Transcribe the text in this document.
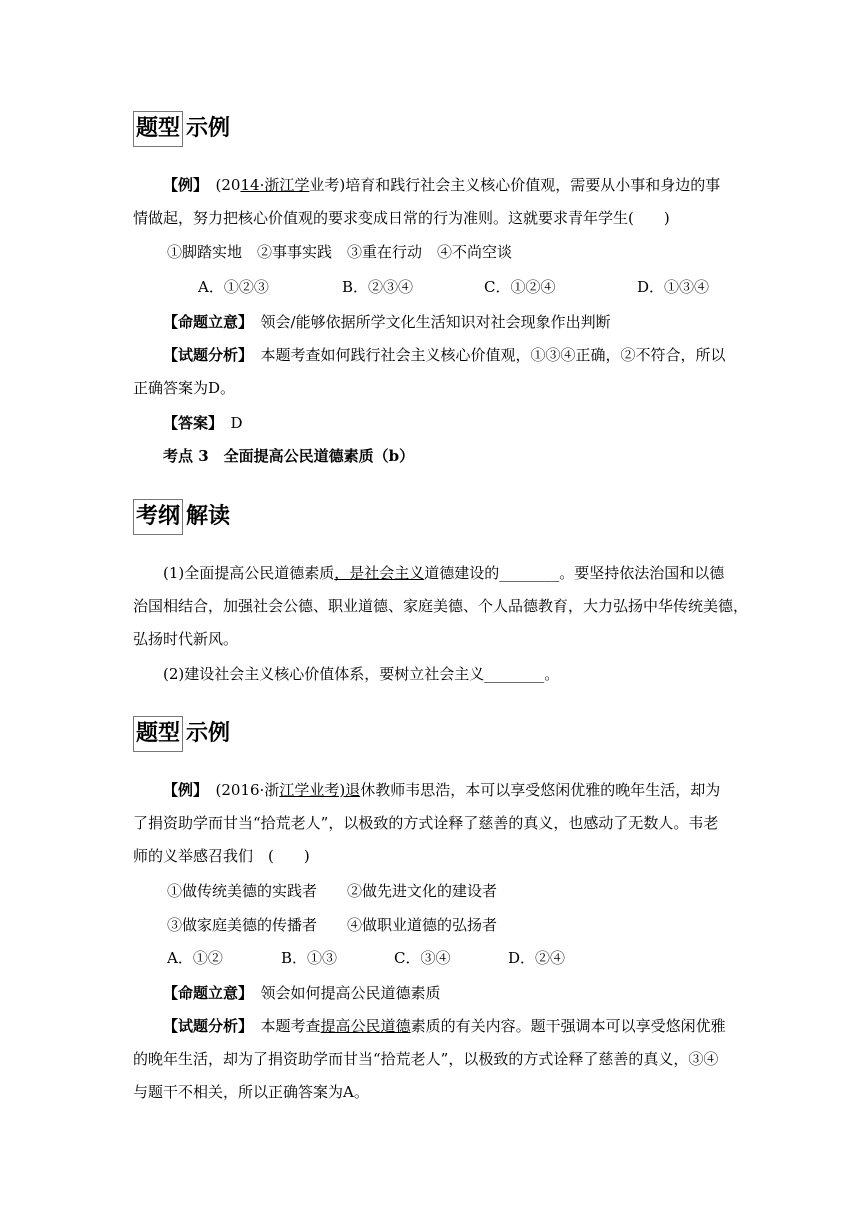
题型 示例
【例】　 (2014·浙江学业考)培育和践行社会主义核心价值观，需要从小事和身边的事
情做起，努力把核心价值观的要求变成日常的行为准则。这就要求青年学生(　　)
①脚踏实地　②事事实践　③重在行动　④不尚空谈
A．①②③	B．②③④	C．①②④	D．①③④
【命题立意】　 领会/能够依据所学文化生活知识对社会现象作出判断
【试题分析】　 本题考查如何践行社会主义核心价值观，①③④正确，②不符合，所以
正确答案为D。
【答案】　 D
考点 3　全面提高公民道德素质（b）
考纲 解读
(1)全面提高公民道德素质，是社会主义道德建设的________。要坚持依法治国和以德
治国相结合，加强社会公德、职业道德、家庭美德、个人品德教育，大力弘扬中华传统美德，
弘扬时代新风。
(2)建设社会主义核心价值体系，要树立社会主义________。
题型 示例
【例】　 (2016·浙江学业考)退休教师韦思浩，本可以享受悠闲优雅的晚年生活，却为
了捐资助学而甘当“拾荒老人”，以极致的方式诠释了慈善的真义，也感动了无数人。韦老
师的义举感召我们　(　　)
①做传统美德的实践者　　②做先进文化的建设者
③做家庭美德的传播者　　④做职业道德的弘扬者
A．①②	B．①③	C．③④	D．②④
【命题立意】　 领会如何提高公民道德素质
【试题分析】　 本题考查提高公民道德素质的有关内容。题干强调本可以享受悠闲优雅
的晚年生活，却为了捐资助学而甘当“拾荒老人”，以极致的方式诠释了慈善的真义，③④
与题干不相关，所以正确答案为A。
